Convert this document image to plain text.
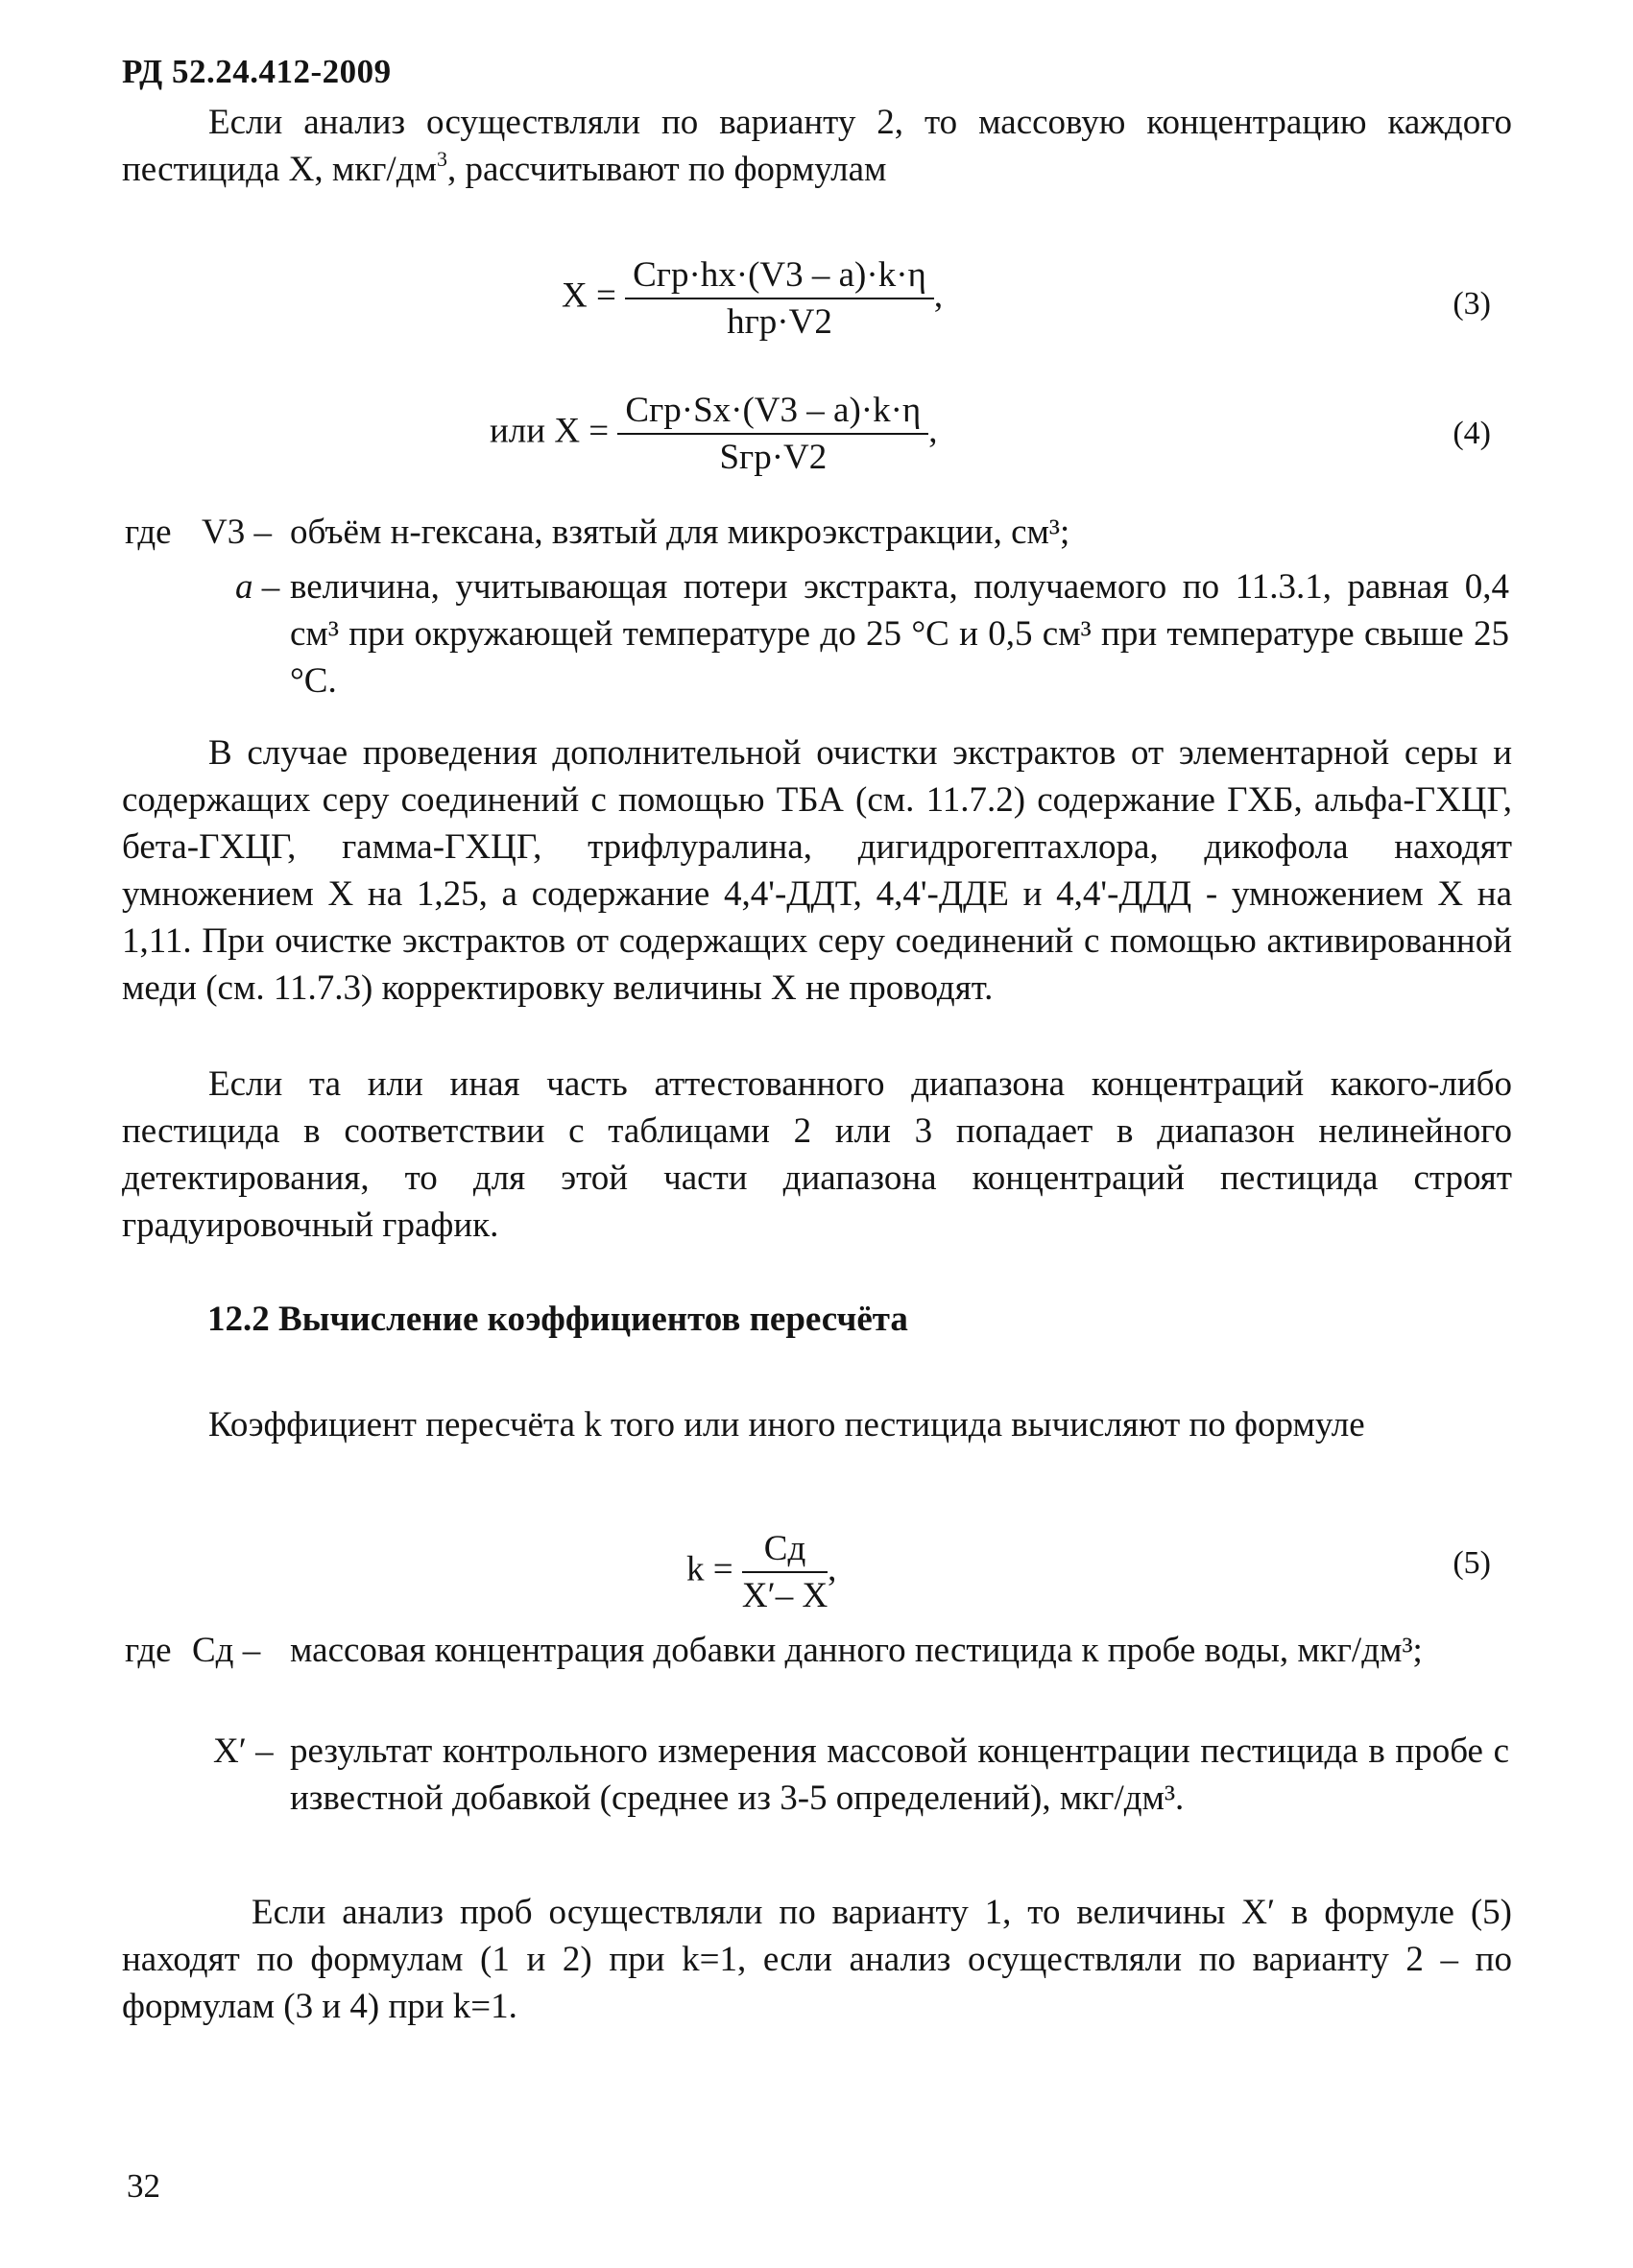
РД 52.24.412-2009

Если анализ осуществляли по варианту 2, то массовую концентрацию каждого пестицида X, мкг/$дм^3$, рассчитывают по формулам

$X = \frac{\text{Cгр·hx·(V3 – a)·k·η}}{\text{hгр·V2}}$ ,	(3)
или $X = \frac{\text{Cгр·Sx·(V3 – a)·k·η}}{\text{Sгр·V2}}$ ,	(4)
где V3 – объём н-гексана, взятый для микроэкстракции, см³;
a – величина, учитывающая потери экстракта, получаемого по 11.3.1, равная 0,4 см³ при окружающей температуре до 25 °С и 0,5 см³ при температуре свыше 25 °С.

В случае проведения дополнительной очистки экстрактов от элементарной серы и содержащих серу соединений с помощью ТБА (см. 11.7.2) содержание ГХБ, альфа-ГХЦГ, бета-ГХЦГ, гамма-ГХЦГ, трифлуралина, дигидрогептахлора, дикофола находят умножением X на 1,25, а содержание 4,4'-ДДТ, 4,4'-ДДЕ и 4,4'-ДДД - умножением X на 1,11. При очистке экстрактов от содержащих серу соединений с помощью активированной меди (см. 11.7.3) корректировку величины X не проводят.

Если та или иная часть аттестованного диапазона концентраций какого-либо пестицида в соответствии с таблицами 2 или 3 попадает в диапазон нелинейного детектирования, то для этой части диапазона концентраций пестицида строят градуировочный график.

12.2 Вычисление коэффициентов пересчёта

Коэффициент пересчёта k того или иного пестицида вычисляют по формуле

$k = \frac{Cд}{X'- X}$ ,	(5)
где Cд – массовая концентрация добавки данного пестицида к пробе воды, мкг/дм³;
X′ – результат контрольного измерения массовой концентрации пестицида в пробе с известной добавкой (среднее из 3-5 определений), мкг/дм³.

Если анализ проб осуществляли по варианту 1, то величины X′ в формуле (5) находят по формулам (1 и 2) при k=1, если анализ осуществляли по варианту 2 – по формулам (3 и 4) при k=1.

32
